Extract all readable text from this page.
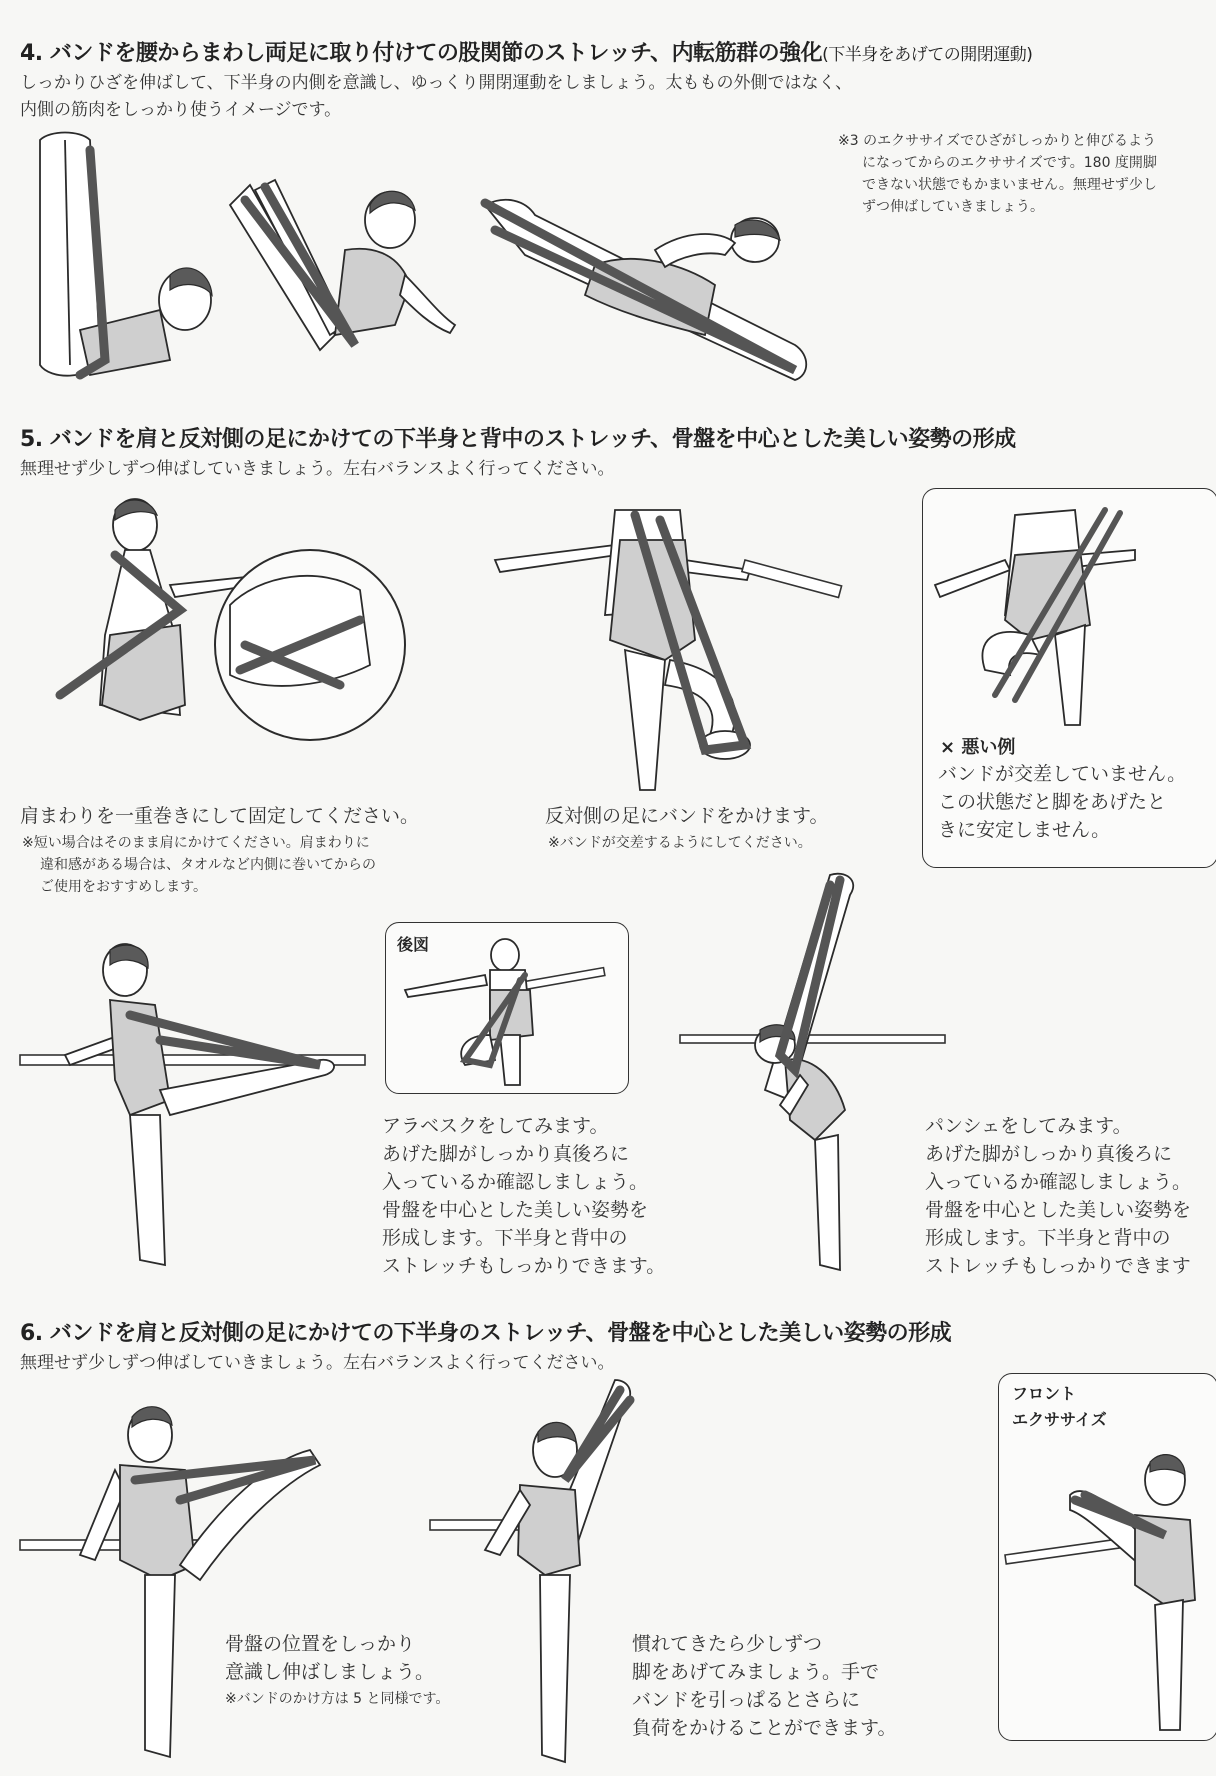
4. バンドを腰からまわし両足に取り付けての股関節のストレッチ、内転筋群の強化(下半身をあげての開閉運動)
しっかりひざを伸ばして、下半身の内側を意識し、ゆっくり開閉運動をしましょう。太ももの外側ではなく、
内側の筋肉をしっかり使うイメージです。
※3 のエクササイズでひざがしっかりと伸びるよう
になってからのエクササイズです。180 度開脚
できない状態でもかまいません。無理せず少し
ずつ伸ばしていきましょう。
5. バンドを肩と反対側の足にかけての下半身と背中のストレッチ、骨盤を中心とした美しい姿勢の形成
無理せず少しずつ伸ばしていきましょう。左右バランスよく行ってください。
肩まわりを一重巻きにして固定してください。
※短い場合はそのまま肩にかけてください。肩まわりに
違和感がある場合は、タオルなど内側に巻いてからの
ご使用をおすすめします。
反対側の足にバンドをかけます。
※バンドが交差するようにしてください。
× 悪い例
バンドが交差していません。
この状態だと脚をあげたと
きに安定しません。
後図
アラベスクをしてみます。
あげた脚がしっかり真後ろに
入っているか確認しましょう。
骨盤を中心とした美しい姿勢を
形成します。下半身と背中の
ストレッチもしっかりできます。
パンシェをしてみます。
あげた脚がしっかり真後ろに
入っているか確認しましょう。
骨盤を中心とした美しい姿勢を
形成します。下半身と背中の
ストレッチもしっかりできます
6. バンドを肩と反対側の足にかけての下半身のストレッチ、骨盤を中心とした美しい姿勢の形成
無理せず少しずつ伸ばしていきましょう。左右バランスよく行ってください。
骨盤の位置をしっかり
意識し伸ばしましょう。
※バンドのかけ方は 5 と同様です。
慣れてきたら少しずつ
脚をあげてみましょう。手で
バンドを引っぱるとさらに
負荷をかけることができます。
フロント
エクササイズ
